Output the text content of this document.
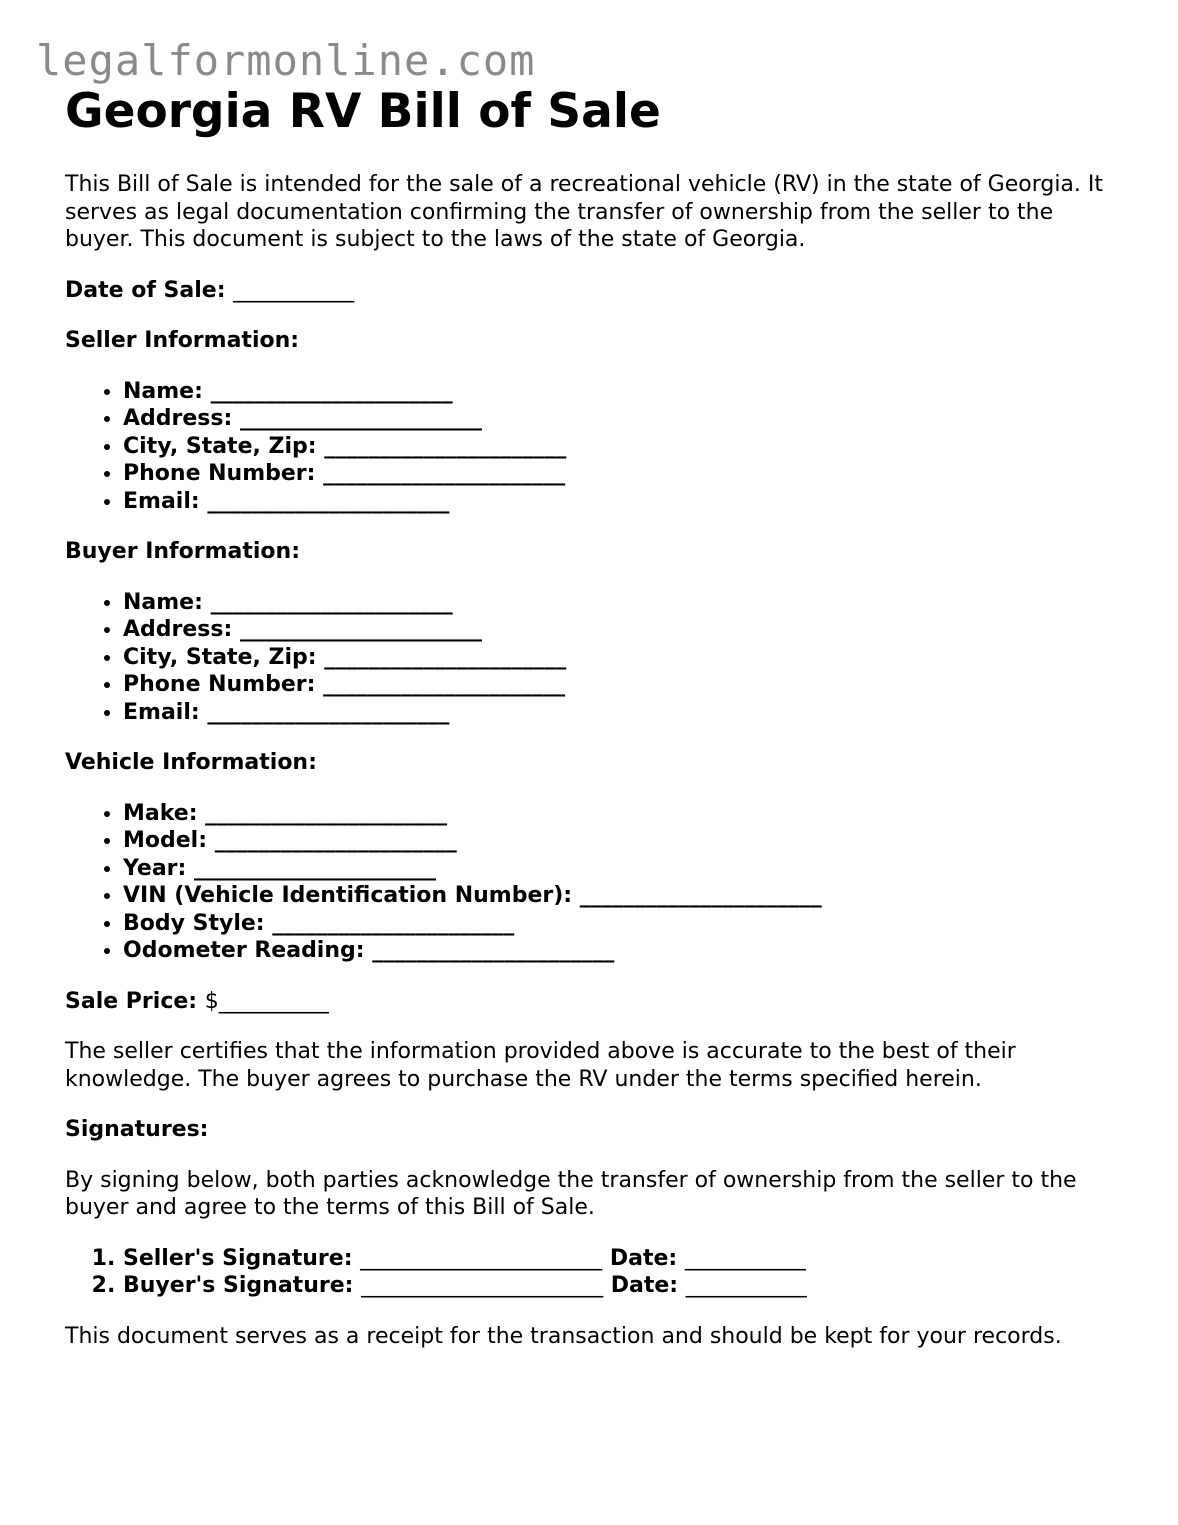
legalformonline.com
Georgia RV Bill of Sale

This Bill of Sale is intended for the sale of a recreational vehicle (RV) in the state of Georgia. It serves as legal documentation confirming the transfer of ownership from the seller to the buyer. This document is subject to the laws of the state of Georgia.

Date of Sale: ___________
Seller Information:
• Name: ______________________
• Address: ______________________
• City, State, Zip: ______________________
• Phone Number: ______________________
• Email: ______________________
Buyer Information:
• Name: ______________________
• Address: ______________________
• City, State, Zip: ______________________
• Phone Number: ______________________
• Email: ______________________
Vehicle Information:
• Make: ______________________
• Model: ______________________
• Year: ______________________
• VIN (Vehicle Identification Number): ______________________
• Body Style: ______________________
• Odometer Reading: ______________________
Sale Price: $__________

The seller certifies that the information provided above is accurate to the best of their knowledge. The buyer agrees to purchase the RV under the terms specified herein.

Signatures:

By signing below, both parties acknowledge the transfer of ownership from the seller to the buyer and agree to the terms of this Bill of Sale.

1. Seller's Signature: ______________________ Date: ___________
2. Buyer's Signature: ______________________ Date: ___________

This document serves as a receipt for the transaction and should be kept for your records.
